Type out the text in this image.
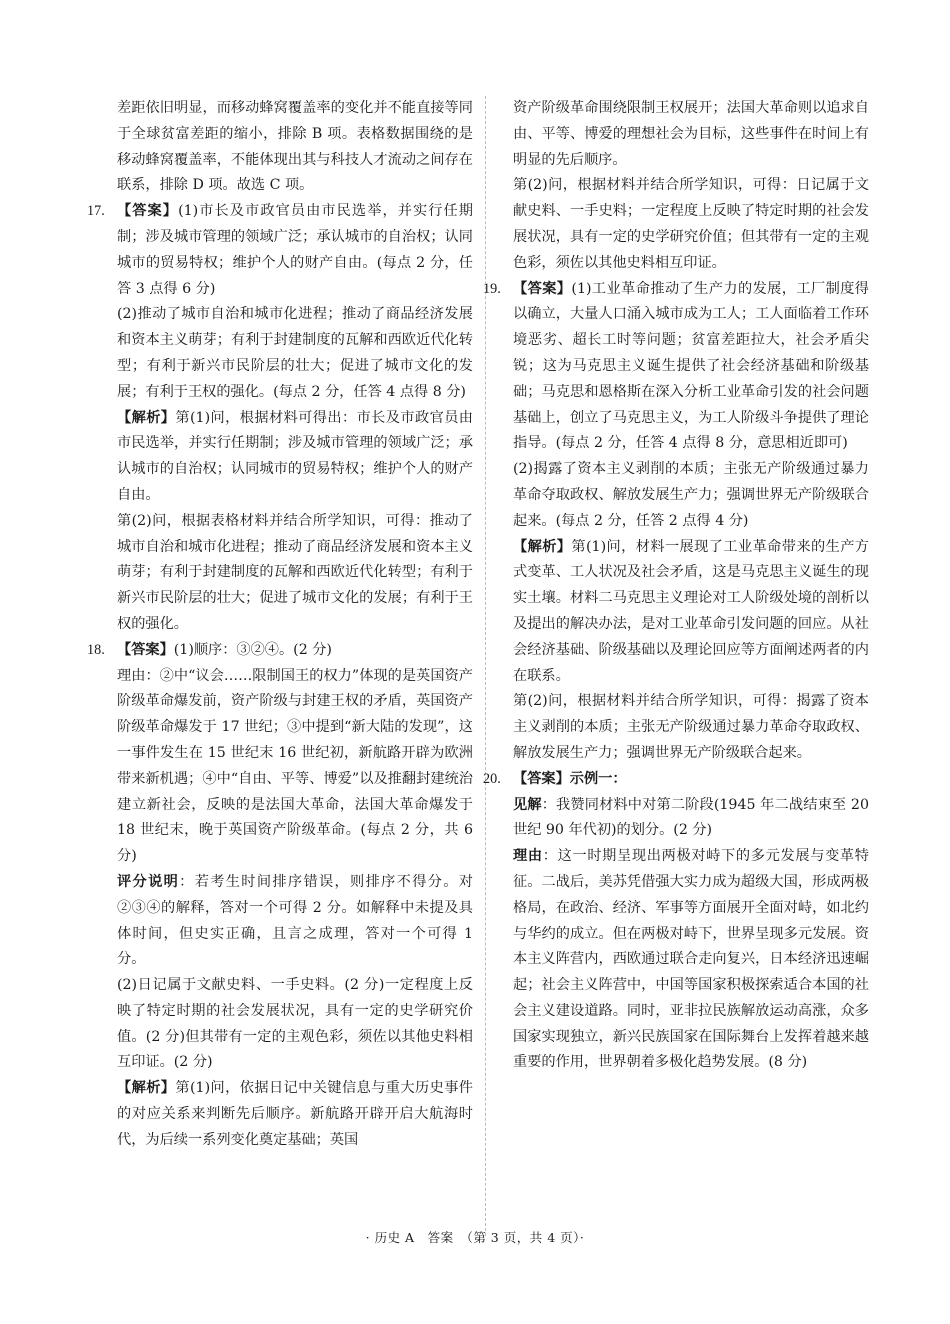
差距依旧明显，而移动蜂窝覆盖率的变化并不能直接等同于全球贫富差距的缩小，排除 B 项。表格数据围绕的是移动蜂窝覆盖率，不能体现出其与科技人才流动之间存在联系，排除 D 项。故选 C 项。

17. 【答案】(1)市长及市政官员由市民选举，并实行任期制；涉及城市管理的领域广泛；承认城市的自治权；认同城市的贸易特权；维护个人的财产自由。(每点 2 分，任答 3 点得 6 分)

(2)推动了城市自治和城市化进程；推动了商品经济发展和资本主义萌芽；有利于封建制度的瓦解和西欧近代化转型；有利于新兴市民阶层的壮大；促进了城市文化的发展；有利于王权的强化。(每点 2 分，任答 4 点得 8 分)

【解析】第(1)问，根据材料可得出：市长及市政官员由市民选举，并实行任期制；涉及城市管理的领域广泛；承认城市的自治权；认同城市的贸易特权；维护个人的财产自由。

第(2)问，根据表格材料并结合所学知识，可得：推动了城市自治和城市化进程；推动了商品经济发展和资本主义萌芽；有利于封建制度的瓦解和西欧近代化转型；有利于新兴市民阶层的壮大；促进了城市文化的发展；有利于王权的强化。

18. 【答案】(1)顺序：③②④。(2 分)

理由：②中“议会……限制国王的权力”体现的是英国资产阶级革命爆发前，资产阶级与封建王权的矛盾，英国资产阶级革命爆发于 17 世纪；③中提到“新大陆的发现”，这一事件发生在 15 世纪末 16 世纪初，新航路开辟为欧洲带来新机遇；④中“自由、平等、博爱”以及推翻封建统治建立新社会，反映的是法国大革命，法国大革命爆发于 18 世纪末，晚于英国资产阶级革命。(每点 2 分，共 6 分)

评分说明：若考生时间排序错误，则排序不得分。对②③④的解释，答对一个可得 2 分。如解释中未提及具体时间，但史实正确，且言之成理，答对一个可得 1 分。

(2)日记属于文献史料、一手史料。(2 分)一定程度上反映了特定时期的社会发展状况，具有一定的史学研究价值。(2 分)但其带有一定的主观色彩，须佐以其他史料相互印证。(2 分)

【解析】第(1)问，依据日记中关键信息与重大历史事件的对应关系来判断先后顺序。新航路开辟开启大航海时代，为后续一系列变化奠定基础；英国

资产阶级革命围绕限制王权展开；法国大革命则以追求自由、平等、博爱的理想社会为目标，这些事件在时间上有明显的先后顺序。

第(2)问，根据材料并结合所学知识，可得：日记属于文献史料、一手史料；一定程度上反映了特定时期的社会发展状况，具有一定的史学研究价值；但其带有一定的主观色彩，须佐以其他史料相互印证。

19. 【答案】(1)工业革命推动了生产力的发展，工厂制度得以确立，大量人口涌入城市成为工人；工人面临着工作环境恶劣、超长工时等问题；贫富差距拉大，社会矛盾尖锐；这为马克思主义诞生提供了社会经济基础和阶级基础；马克思和恩格斯在深入分析工业革命引发的社会问题基础上，创立了马克思主义，为工人阶级斗争提供了理论指导。(每点 2 分，任答 4 点得 8 分，意思相近即可)

(2)揭露了资本主义剥削的本质；主张无产阶级通过暴力革命夺取政权、解放发展生产力；强调世界无产阶级联合起来。(每点 2 分，任答 2 点得 4 分)

【解析】第(1)问，材料一展现了工业革命带来的生产方式变革、工人状况及社会矛盾，这是马克思主义诞生的现实土壤。材料二马克思主义理论对工人阶级处境的剖析以及提出的解决办法，是对工业革命引发问题的回应。从社会经济基础、阶级基础以及理论回应等方面阐述两者的内在联系。

第(2)问，根据材料并结合所学知识，可得：揭露了资本主义剥削的本质；主张无产阶级通过暴力革命夺取政权、解放发展生产力；强调世界无产阶级联合起来。

20. 【答案】示例一：

见解：我赞同材料中对第二阶段(1945 年二战结束至 20 世纪 90 年代初)的划分。(2 分)

理由：这一时期呈现出两极对峙下的多元发展与变革特征。二战后，美苏凭借强大实力成为超级大国，形成两极格局，在政治、经济、军事等方面展开全面对峙，如北约与华约的成立。但在两极对峙下，世界呈现多元发展。资本主义阵营内，西欧通过联合走向复兴，日本经济迅速崛起；社会主义阵营中，中国等国家积极探索适合本国的社会主义建设道路。同时，亚非拉民族解放运动高涨，众多国家实现独立，新兴民族国家在国际舞台上发挥着越来越重要的作用，世界朝着多极化趋势发展。(8 分)

· 历史 A　答案　（第 3 页，共 4 页）·
